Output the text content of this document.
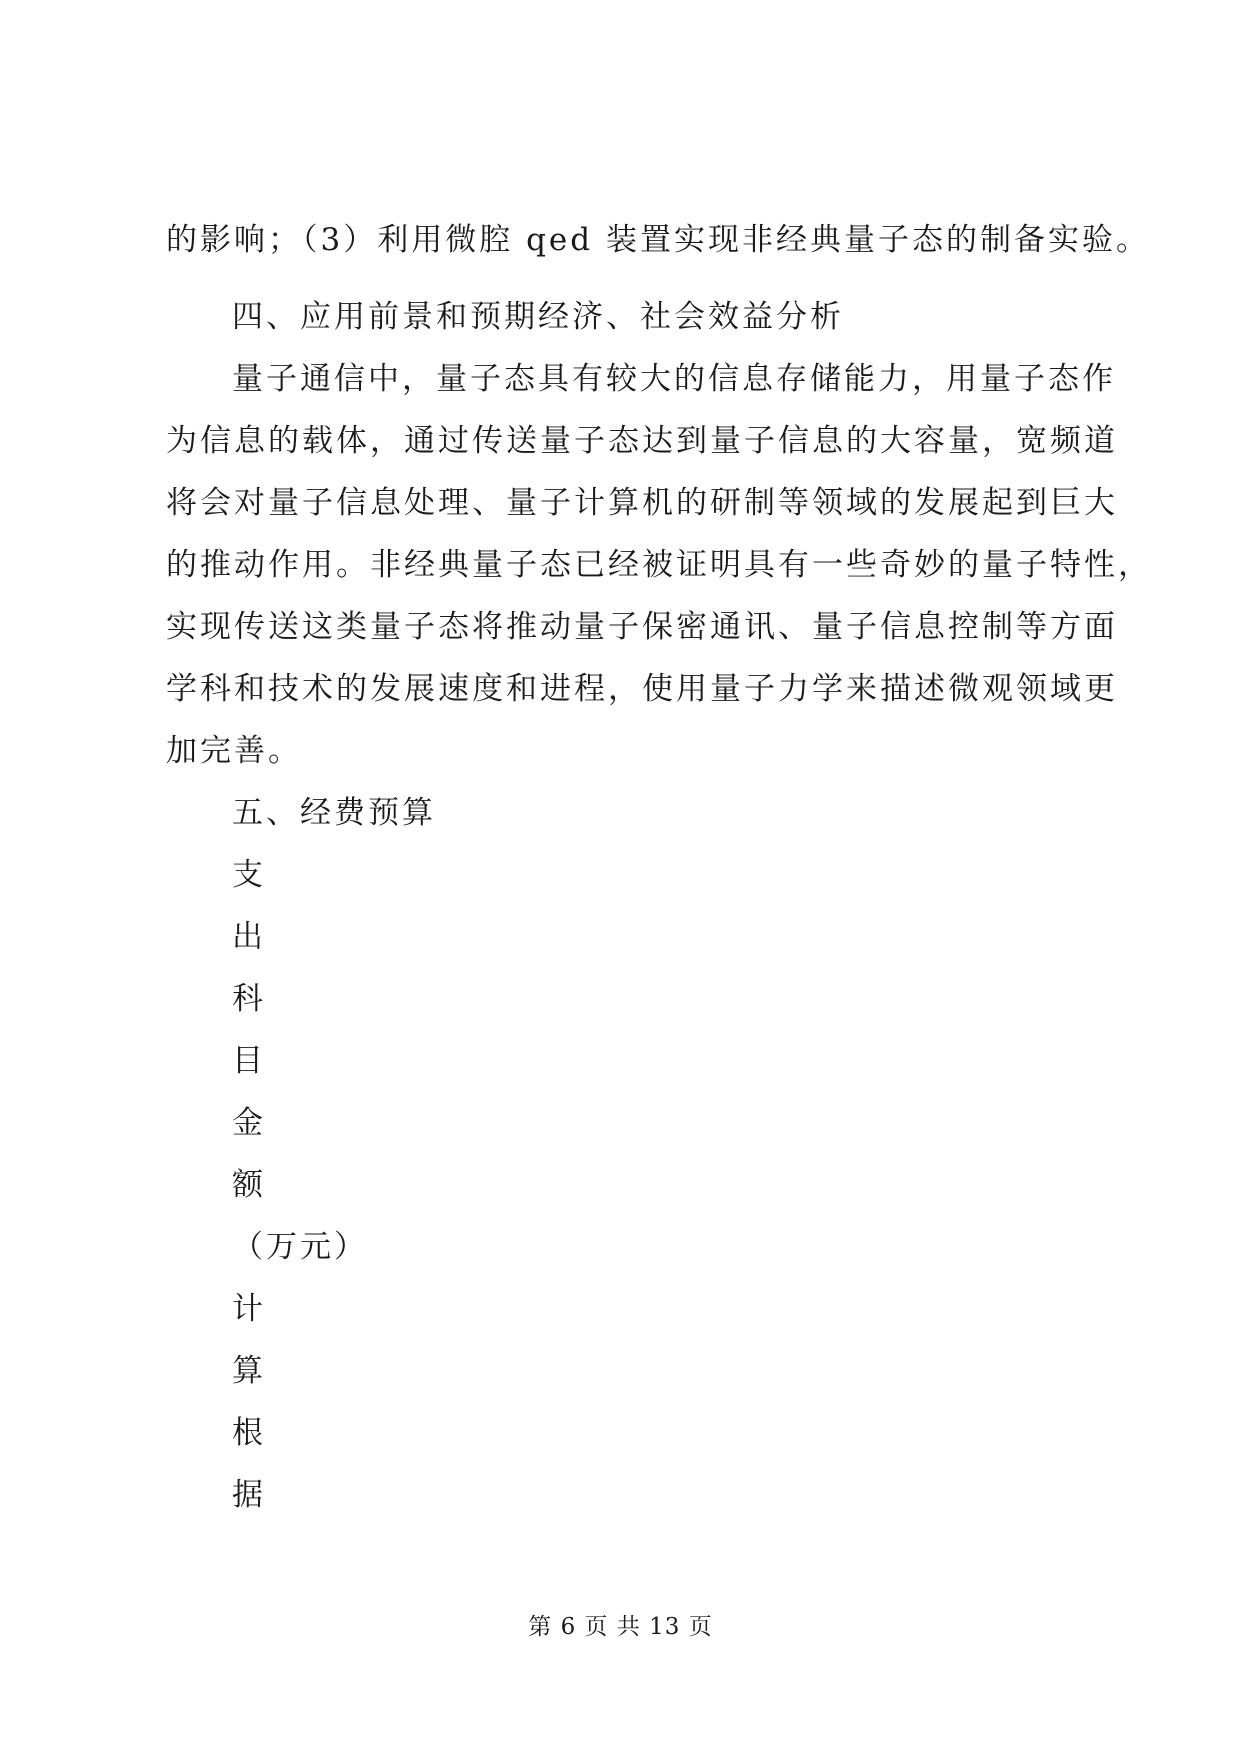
的影响；（3）利用微腔 qed 装置实现非经典量子态的制备实验。
四、应用前景和预期经济、社会效益分析
量子通信中，量子态具有较大的信息存储能力，用量子态作
为信息的载体，通过传送量子态达到量子信息的大容量，宽频道
将会对量子信息处理、量子计算机的研制等领域的发展起到巨大
的推动作用。非经典量子态已经被证明具有一些奇妙的量子特性，
实现传送这类量子态将推动量子保密通讯、量子信息控制等方面
学科和技术的发展速度和进程，使用量子力学来描述微观领域更
加完善。
五、经费预算
支
出
科
目
金
额
（万元）
计
算
根
据
第 6 页 共 13 页
